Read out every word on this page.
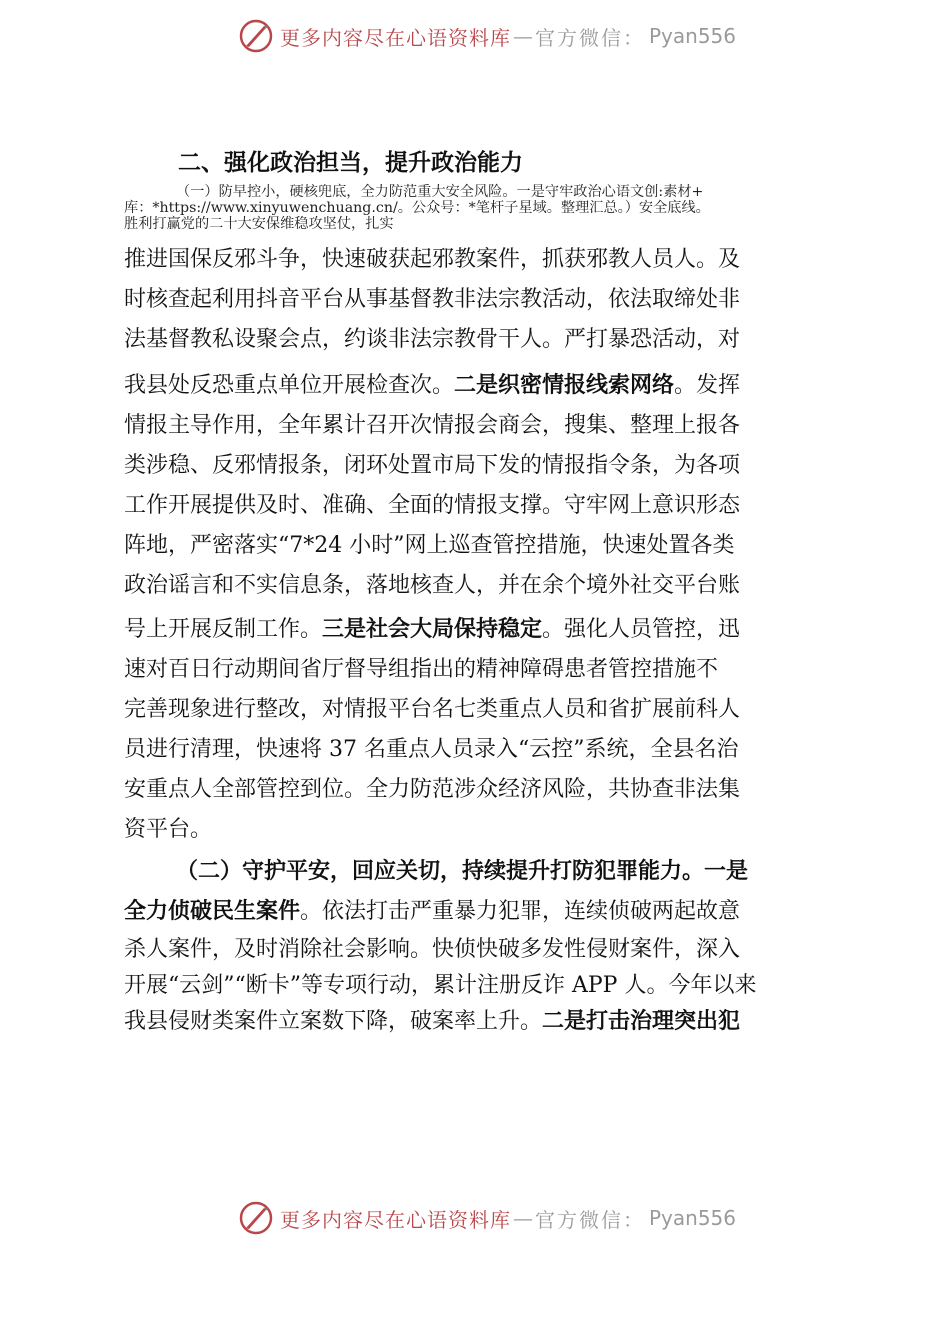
更多内容尽在心语资料库 — 官方微信： Pyan556
二、强化政治担当，提升政治能力
（一）防早控小，硬核兜底，全力防范重大安全风险。一是守牢政治心语文创:素材+
库：*https://www.xinyuwenchuang.cn/。公众号：*笔杆子星域。整理汇总。）安全底线。
胜利打赢党的二十大安保维稳攻坚仗，扎实
推进国保反邪斗争，快速破获起邪教案件，抓获邪教人员人。及
时核查起利用抖音平台从事基督教非法宗教活动，依法取缔处非
法基督教私设聚会点，约谈非法宗教骨干人。严打暴恐活动，对
我县处反恐重点单位开展检查次。二是织密情报线索网络。发挥
情报主导作用，全年累计召开次情报会商会，搜集、整理上报各
类涉稳、反邪情报条，闭环处置市局下发的情报指令条，为各项
工作开展提供及时、准确、全面的情报支撑。守牢网上意识形态
阵地，严密落实“7*24 小时”网上巡查管控措施，快速处置各类
政治谣言和不实信息条，落地核查人，并在余个境外社交平台账
号上开展反制工作。三是社会大局保持稳定。强化人员管控，迅
速对百日行动期间省厅督导组指出的精神障碍患者管控措施不
完善现象进行整改，对情报平台名七类重点人员和省扩展前科人
员进行清理，快速将 37 名重点人员录入“云控”系统，全县名治
安重点人全部管控到位。全力防范涉众经济风险，共协查非法集
资平台。
（二）守护平安，回应关切，持续提升打防犯罪能力。一是
全力侦破民生案件。依法打击严重暴力犯罪，连续侦破两起故意
杀人案件，及时消除社会影响。快侦快破多发性侵财案件，深入
开展“云剑”“断卡”等专项行动，累计注册反诈 APP 人。今年以来
我县侵财类案件立案数下降，破案率上升。二是打击治理突出犯
更多内容尽在心语资料库 — 官方微信： Pyan556
